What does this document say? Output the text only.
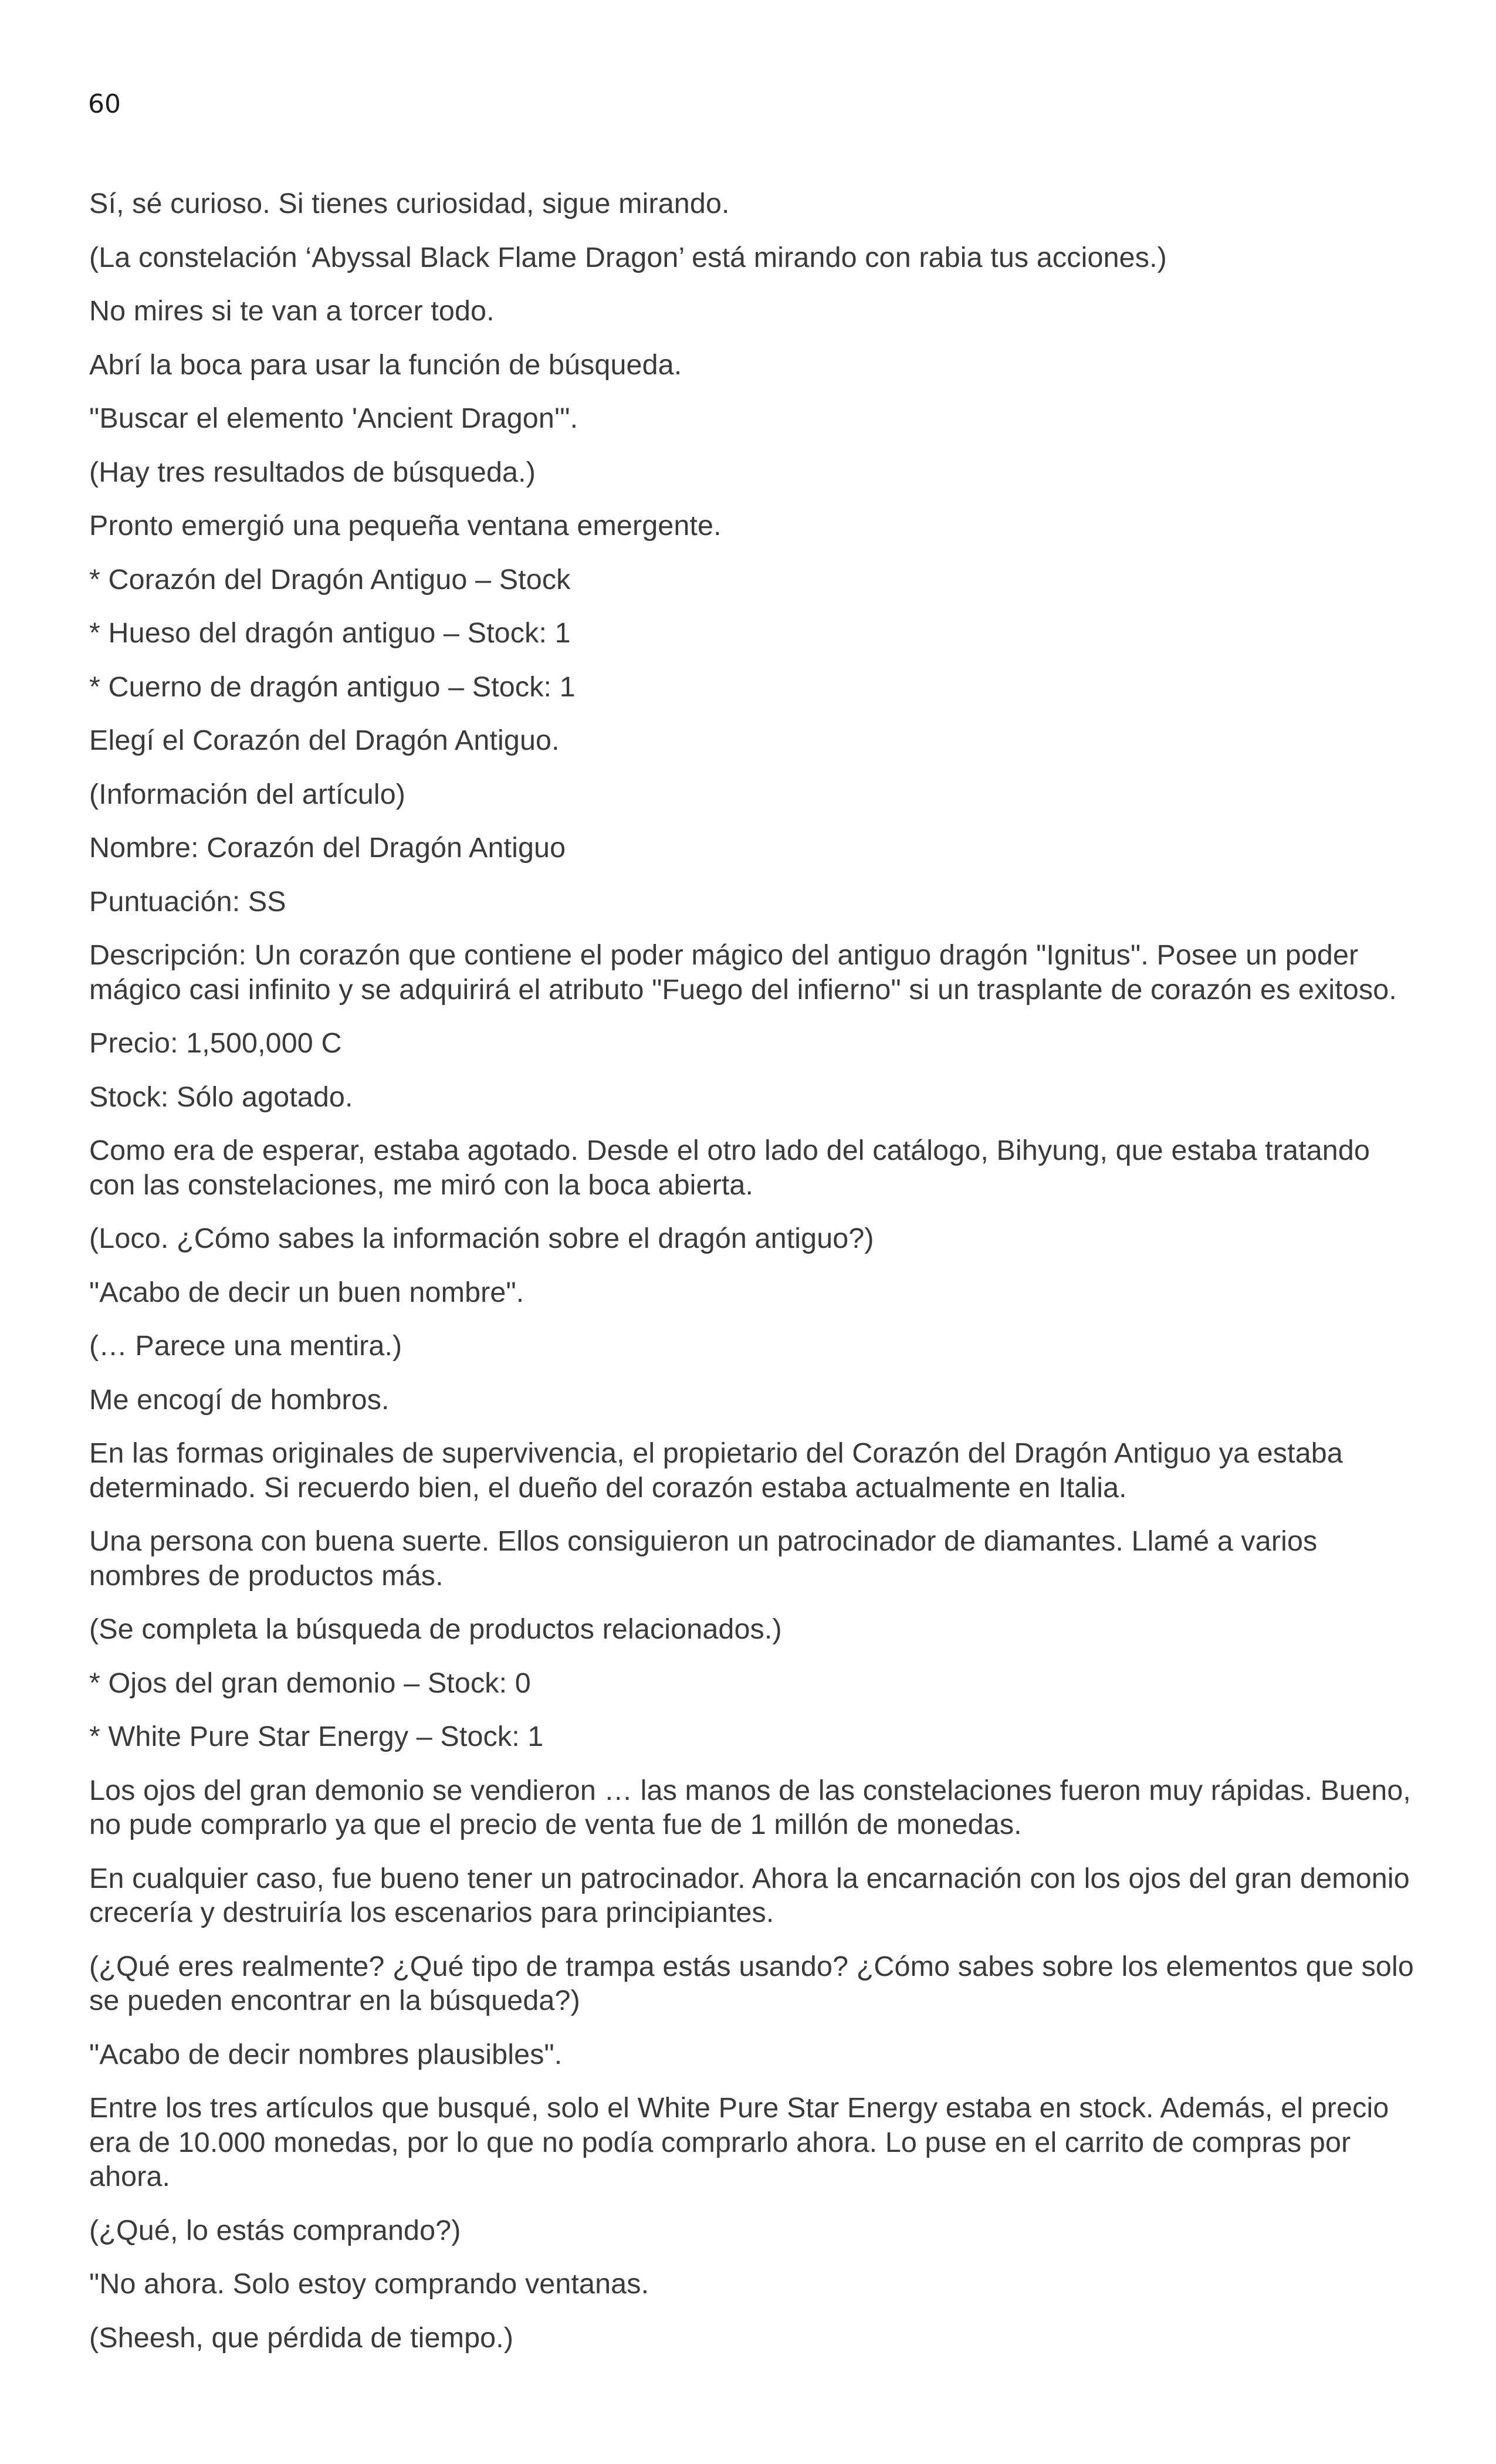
60

Sí, sé curioso. Si tienes curiosidad, sigue mirando.

(La constelación ‘Abyssal Black Flame Dragon’ está mirando con rabia tus acciones.)

No mires si te van a torcer todo.

Abrí la boca para usar la función de búsqueda.

"Buscar el elemento 'Ancient Dragon'".

(Hay tres resultados de búsqueda.)

Pronto emergió una pequeña ventana emergente.

* Corazón del Dragón Antiguo – Stock

* Hueso del dragón antiguo – Stock: 1

* Cuerno de dragón antiguo – Stock: 1

Elegí el Corazón del Dragón Antiguo.

(Información del artículo)

Nombre: Corazón del Dragón Antiguo

Puntuación: SS

Descripción: Un corazón que contiene el poder mágico del antiguo dragón "Ignitus". Posee un poder mágico casi infinito y se adquirirá el atributo "Fuego del infierno" si un trasplante de corazón es exitoso.

Precio: 1,500,000 C

Stock: Sólo agotado.

Como era de esperar, estaba agotado. Desde el otro lado del catálogo, Bihyung, que estaba tratando con las constelaciones, me miró con la boca abierta.

(Loco. ¿Cómo sabes la información sobre el dragón antiguo?)

"Acabo de decir un buen nombre".

(… Parece una mentira.)

Me encogí de hombros.

En las formas originales de supervivencia, el propietario del Corazón del Dragón Antiguo ya estaba determinado. Si recuerdo bien, el dueño del corazón estaba actualmente en Italia.

Una persona con buena suerte. Ellos consiguieron un patrocinador de diamantes. Llamé a varios nombres de productos más.

(Se completa la búsqueda de productos relacionados.)

* Ojos del gran demonio – Stock: 0

* White Pure Star Energy – Stock: 1

Los ojos del gran demonio se vendieron … las manos de las constelaciones fueron muy rápidas. Bueno, no pude comprarlo ya que el precio de venta fue de 1 millón de monedas.

En cualquier caso, fue bueno tener un patrocinador. Ahora la encarnación con los ojos del gran demonio crecería y destruiría los escenarios para principiantes.

(¿Qué eres realmente? ¿Qué tipo de trampa estás usando? ¿Cómo sabes sobre los elementos que solo se pueden encontrar en la búsqueda?)

"Acabo de decir nombres plausibles".

Entre los tres artículos que busqué, solo el White Pure Star Energy estaba en stock. Además, el precio era de 10.000 monedas, por lo que no podía comprarlo ahora. Lo puse en el carrito de compras por ahora.

(¿Qué, lo estás comprando?)

"No ahora. Solo estoy comprando ventanas.

(Sheesh, que pérdida de tiempo.)
